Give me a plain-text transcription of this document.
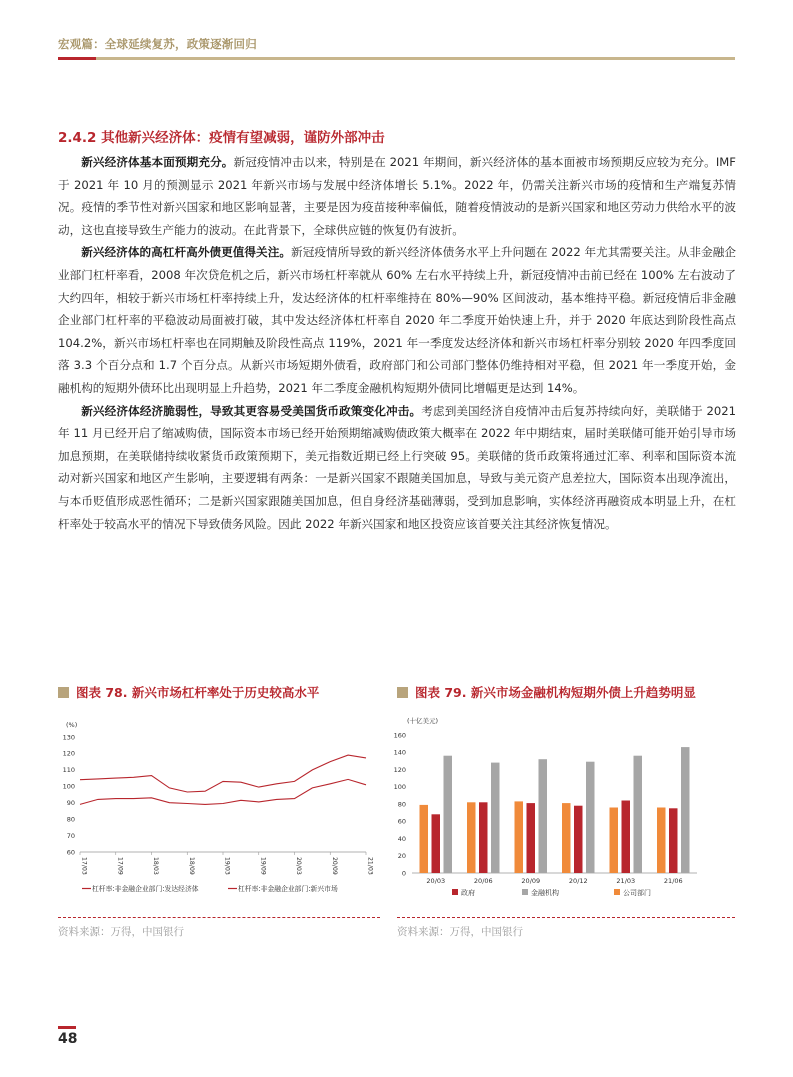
宏观篇：全球延续复苏，政策逐渐回归
2.4.2 其他新兴经济体：疫情有望减弱，谨防外部冲击

新兴经济体基本面预期充分。新冠疫情冲击以来，特别是在 2021 年期间，新兴经济体的基本面被市场预期反应较为充分。IMF 于 2021 年 10 月的预测显示 2021 年新兴市场与发展中经济体增长 5.1%。2022 年，仍需关注新兴市场的疫情和生产端复苏情况。疫情的季节性对新兴国家和地区影响显著，主要是因为疫苗接种率偏低，随着疫情波动的是新兴国家和地区劳动力供给水平的波动，这也直接导致生产能力的波动。在此背景下，全球供应链的恢复仍有波折。

新兴经济体的高杠杆高外债更值得关注。新冠疫情所导致的新兴经济体债务水平上升问题在 2022 年尤其需要关注。从非金融企业部门杠杆率看，2008 年次贷危机之后，新兴市场杠杆率就从 60% 左右水平持续上升，新冠疫情冲击前已经在 100% 左右波动了大约四年，相较于新兴市场杠杆率持续上升，发达经济体的杠杆率维持在 80%—90% 区间波动，基本维持平稳。新冠疫情后非金融企业部门杠杆率的平稳波动局面被打破，其中发达经济体杠杆率自 2020 年二季度开始快速上升，并于 2020 年底达到阶段性高点 104.2%，新兴市场杠杆率也在同期触及阶段性高点 119%，2021 年一季度发达经济体和新兴市场杠杆率分别较 2020 年四季度回落 3.3 个百分点和 1.7 个百分点。从新兴市场短期外债看，政府部门和公司部门整体仍维持相对平稳，但 2021 年一季度开始，金融机构的短期外债环比出现明显上升趋势，2021 年二季度金融机构短期外债同比增幅更是达到 14%。

新兴经济体经济脆弱性，导致其更容易受美国货币政策变化冲击。考虑到美国经济自疫情冲击后复苏持续向好，美联储于 2021 年 11 月已经开启了缩减购债，国际资本市场已经开始预期缩减购债政策大概率在 2022 年中期结束，届时美联储可能开始引导市场加息预期，在美联储持续收紧货币政策预期下，美元指数近期已经上行突破 95。美联储的货币政策将通过汇率、利率和国际资本流动对新兴国家和地区产生影响，主要逻辑有两条：一是新兴国家不跟随美国加息，导致与美元资产息差拉大，国际资本出现净流出，与本币贬值形成恶性循环；二是新兴国家跟随美国加息，但自身经济基础薄弱，受到加息影响，实体经济再融资成本明显上升，在杠杆率处于较高水平的情况下导致债务风险。因此 2022 年新兴国家和地区投资应该首要关注其经济恢复情况。

图表 78. 新兴市场杠杆率处于历史较高水平	图表 79. 新兴市场金融机构短期外债上升趋势明显
(%)
60
70
80
90
100
110
120
130
17/03	17/09	18/03	18/09	19/03	19/09	20/03	20/09	21/03
杠杆率:非金融企业部门:发达经济体	杠杆率:非金融企业部门:新兴市场
(十亿美元)
0
20
40
60
80
100
120
140
160
20/03	20/06	20/09	20/12	21/03	21/06
政府	金融机构	公司部门
资料来源：万得，中国银行	资料来源：万得，中国银行
48
